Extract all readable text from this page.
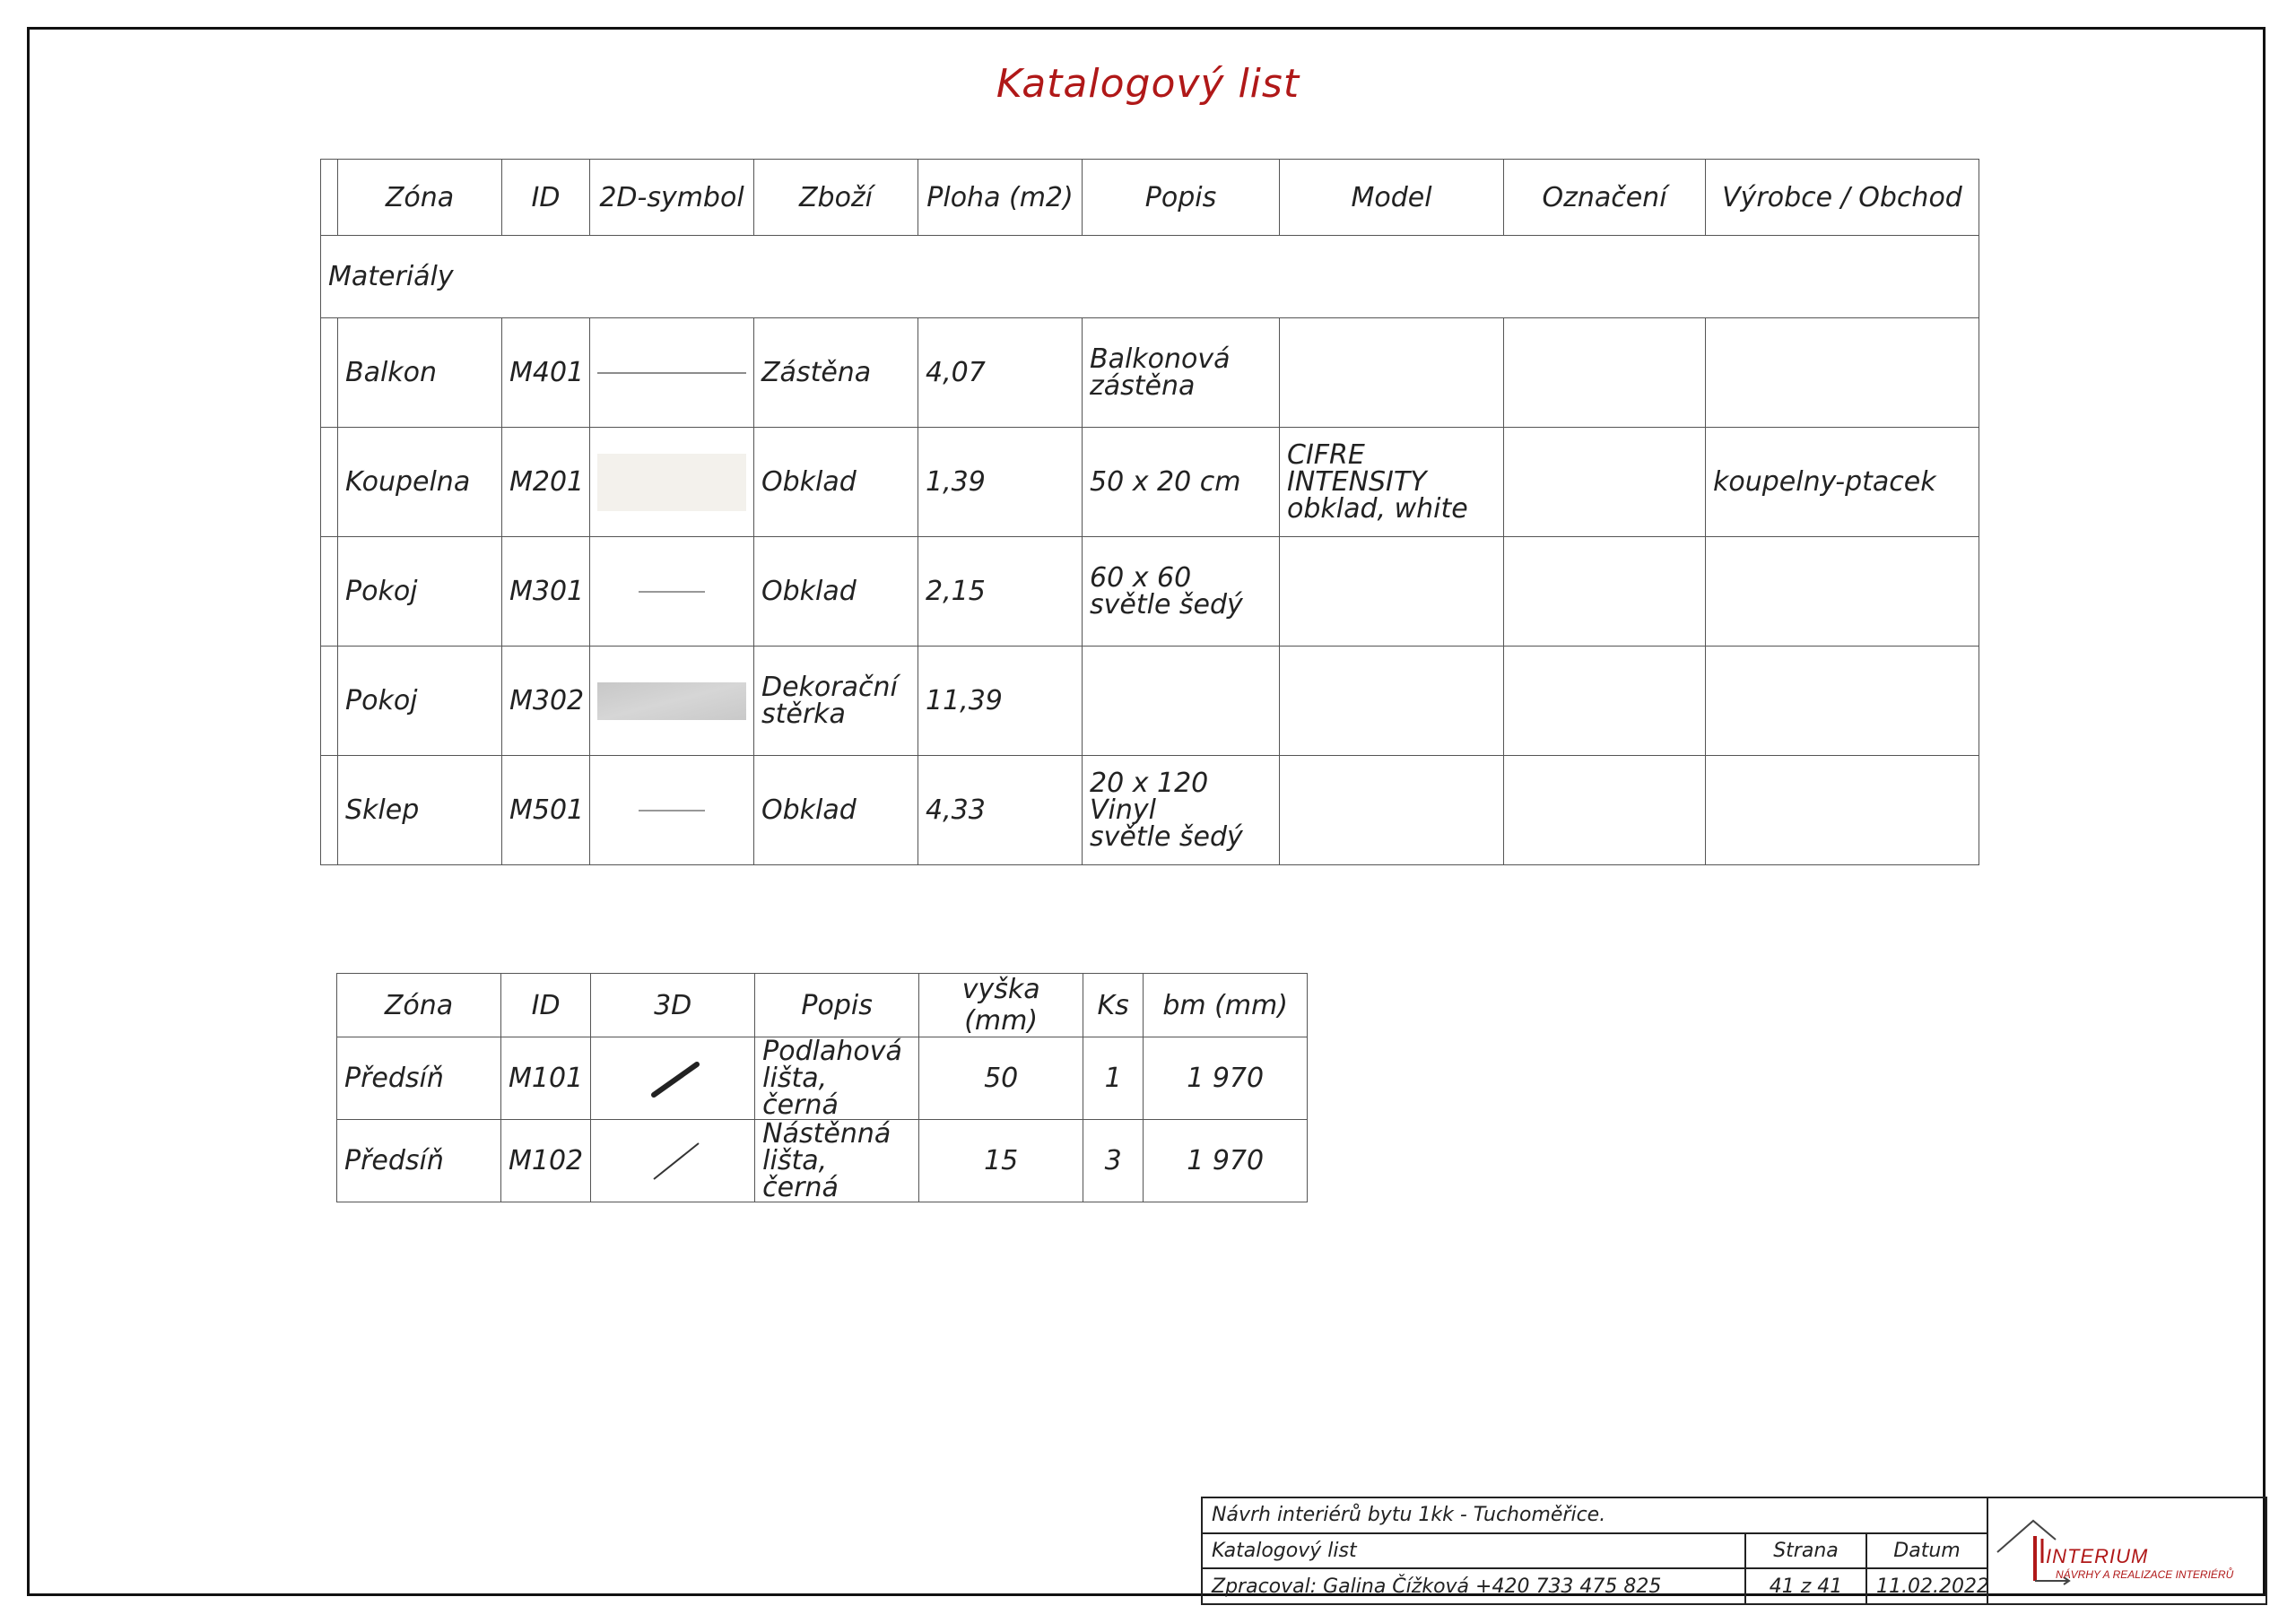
Katalogový list
	Zóna	ID	2D-symbol	Zboží	Ploha (m2)	Popis	Model	Označení	Výrobce / Obchod
Materiály									
	Balkon	M401		Zástěna	4,07	Balkonová
zástěna			
	Koupelna	M201		Obklad	1,39	50 x 20 cm	CIFRE INTENSITY
obklad, white		koupelny-ptacek
	Pokoj	M301		Obklad	2,15	60 x 60
světle šedý			
	Pokoj	M302		Dekorační
stěrka	11,39				
	Sklep	M501		Obklad	4,33	20 x 120 Vinyl
světle šedý			
Zóna	ID	3D	Popis	vyška (mm)	Ks	bm (mm)
Předsíň	M101		Podlahová
lišta, černá	50	1	1 970
Předsíň	M102		Nástěnná
lišta, černá	15	3	1 970
Návrh interiérů bytu 1kk - Tuchoměřice.			INTERIUM
NÁVRHY A REALIZACE INTERIÉRŮ

Katalogový list	Strana	Datum	
Zpracoval: Galina Čížková +420 733 475 825	41 z 41	11.02.2022	
